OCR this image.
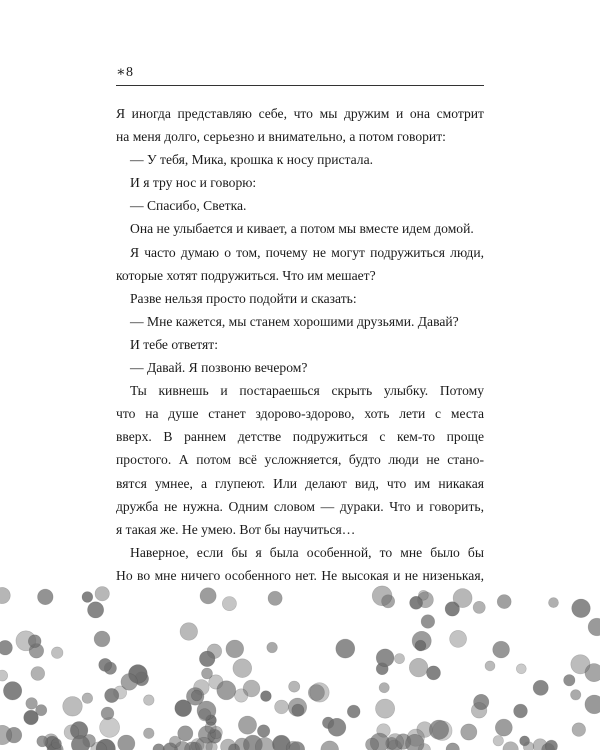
∗8
Я иногда представляю себе, что мы дружим и она смотрит
на меня долго, серьезно и внимательно, а потом говорит:
— У тебя, Мика, крошка к носу пристала.
И я тру нос и говорю:
— Спасибо, Светка.
Она не улыбается и кивает, а потом мы вместе идем домой.
Я часто думаю о том, почему не могут подружиться люди,
которые хотят подружиться. Что им мешает?
Разве нельзя просто подойти и сказать:
— Мне кажется, мы станем хорошими друзьями. Давай?
И тебе ответят:
— Давай. Я позвоню вечером?
Ты кивнешь и постараешься скрыть улыбку. Потому
что на душе станет здорово-здорово, хоть лети с места
вверх. В раннем детстве подружиться с кем-то проще
простого. А потом всё усложняется, будто люди не стано-
вятся умнее, а глупеют. Или делают вид, что им никакая
дружба не нужна. Одним словом — дураки. Что и говорить,
я такая же. Не умею. Вот бы научиться…
Наверное, если бы я была особенной, то мне было бы
Но во мне ничего особенного нет. Не высокая и не низенькая,
